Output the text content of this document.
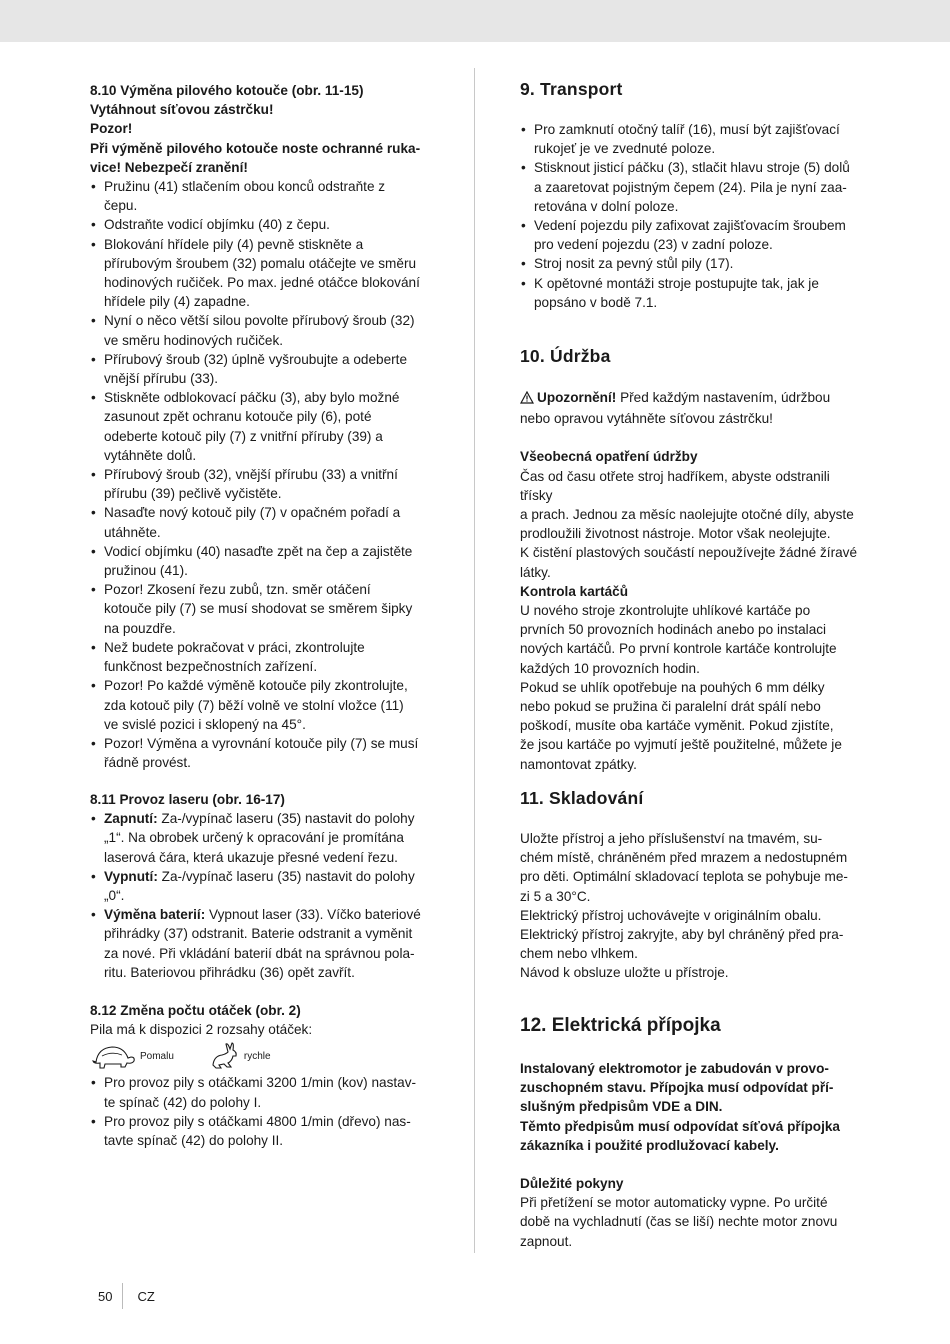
8.10 Výměna pilového kotouče (obr. 11-15)

Vytáhnout síťovou zástrčku!

Pozor!

Při výměně pilového kotouče noste ochranné ruka-

vice! Nebezpečí zranění!

• Pružinu (41) stlačením obou konců odstraňte z
čepu.
• Odstraňte vodicí objímku (40) z čepu.
• Blokování hřídele pily (4) pevně stiskněte a
přírubovým šroubem (32) pomalu otáčejte ve směru
hodinových ručiček. Po max. jedné otáčce blokování
hřídele pily (4) zapadne.
• Nyní o něco větší silou povolte přírubový šroub (32)
ve směru hodinových ručiček.
• Přírubový šroub (32) úplně vyšroubujte a odeberte
vnější přírubu (33).
• Stiskněte odblokovací páčku (3), aby bylo možné
zasunout zpět ochranu kotouče pily (6), poté
odeberte kotouč pily (7) z vnitřní příruby (39) a
vytáhněte dolů.
• Přírubový šroub (32), vnější přírubu (33) a vnitřní
přírubu (39) pečlivě vyčistěte.
• Nasaďte nový kotouč pily (7) v opačném pořadí a
utáhněte.
• Vodicí objímku (40) nasaďte zpět na čep a zajistěte
pružinou (41).
• Pozor! Zkosení řezu zubů, tzn. směr otáčení
kotouče pily (7) se musí shodovat se směrem šipky
na pouzdře.
• Než budete pokračovat v práci, zkontrolujte
funkčnost bezpečnostních zařízení.
• Pozor! Po každé výměně kotouče pily zkontrolujte,
zda kotouč pily (7) běží volně ve stolní vložce (11)
ve svislé pozici i sklopený na 45°.
• Pozor! Výměna a vyrovnání kotouče pily (7) se musí
řádně provést.

8.11 Provoz laseru (obr. 16-17)

• Zapnutí: Za-/vypínač laseru (35) nastavit do polohy
„1“. Na obrobek určený k opracování je promítána
laserová čára, která ukazuje přesné vedení řezu.
• Vypnutí: Za-/vypínač laseru (35) nastavit do polohy
„0“.
• Výměna baterií: Vypnout laser (33). Víčko bateriové
přihrádky (37) odstranit. Baterie odstranit a vyměnit
za nové. Při vkládání baterií dbát na správnou pola-
ritu. Bateriovou přihrádku (36) opět zavřít.

8.12 Změna počtu otáček (obr. 2)

Pila má k dispozici 2 rozsahy otáček:

Pomalu	rychle
• Pro provoz pily s otáčkami 3200 1/min (kov) nastav-
te spínač (42) do polohy I.
• Pro provoz pily s otáčkami 4800 1/min (dřevo) nas-
tavte spínač (42) do polohy II.

9. Transport

• Pro zamknutí otočný talíř (16), musí být zajišťovací
rukojeť je ve zvednuté poloze.
• Stisknout jisticí páčku (3), stlačit hlavu stroje (5) dolů
a zaaretovat pojistným čepem (24). Pila je nyní zaa-
retována v dolní poloze.
• Vedení pojezdu pily zafixovat zajišťovacím šroubem
pro vedení pojezdu (23) v zadní poloze.
• Stroj nosit za pevný stůl pily (17).
• K opětovné montáži stroje postupujte tak, jak je
popsáno v bodě 7.1.

10. Údržba

Upozornění! Před každým nastavením, údržbou
nebo opravou vytáhněte síťovou zástrčku!

Všeobecná opatření údržby

Čas od času otřete stroj hadříkem, abyste odstranili třísky

a prach. Jednou za měsíc naolejujte otočné díly, abyste

prodloužili životnost nástroje. Motor však neolejujte.

K čistění plastových součástí nepoužívejte žádné žíravé

látky.

Kontrola kartáčů

U nového stroje zkontrolujte uhlíkové kartáče po

prvních 50 provozních hodinách anebo po instalaci

nových kartáčů. Po první kontrole kartáče kontrolujte

každých 10 provozních hodin.

Pokud se uhlík opotřebuje na pouhých 6 mm délky

nebo pokud se pružina či paralelní drát spálí nebo

poškodí, musíte oba kartáče vyměnit. Pokud zjistíte,

že jsou kartáče po vyjmutí ještě použitelné, můžete je

namontovat zpátky.

11. Skladování

Uložte přístroj a jeho příslušenství na tmavém, su-

chém místě, chráněném před mrazem a nedostupném

pro děti. Optimální skladovací teplota se pohybuje me-

zi 5 a 30°C.

Elektrický přístroj uchovávejte v originálním obalu.

Elektrický přístroj zakryjte, aby byl chráněný před pra-

chem nebo vlhkem.

Návod k obsluze uložte u přístroje.

12. Elektrická přípojka

Instalovaný elektromotor je zabudován v provo-

zuschopném stavu. Přípojka musí odpovídat pří-

slušným předpisům VDE a DIN.

Těmto předpisům musí odpovídat síťová přípojka

zákazníka i použité prodlužovací kabely.

Důležité pokyny

Při přetížení se motor automaticky vypne. Po určité

době na vychladnutí (čas se liší) nechte motor znovu

zapnout.

50 CZ
